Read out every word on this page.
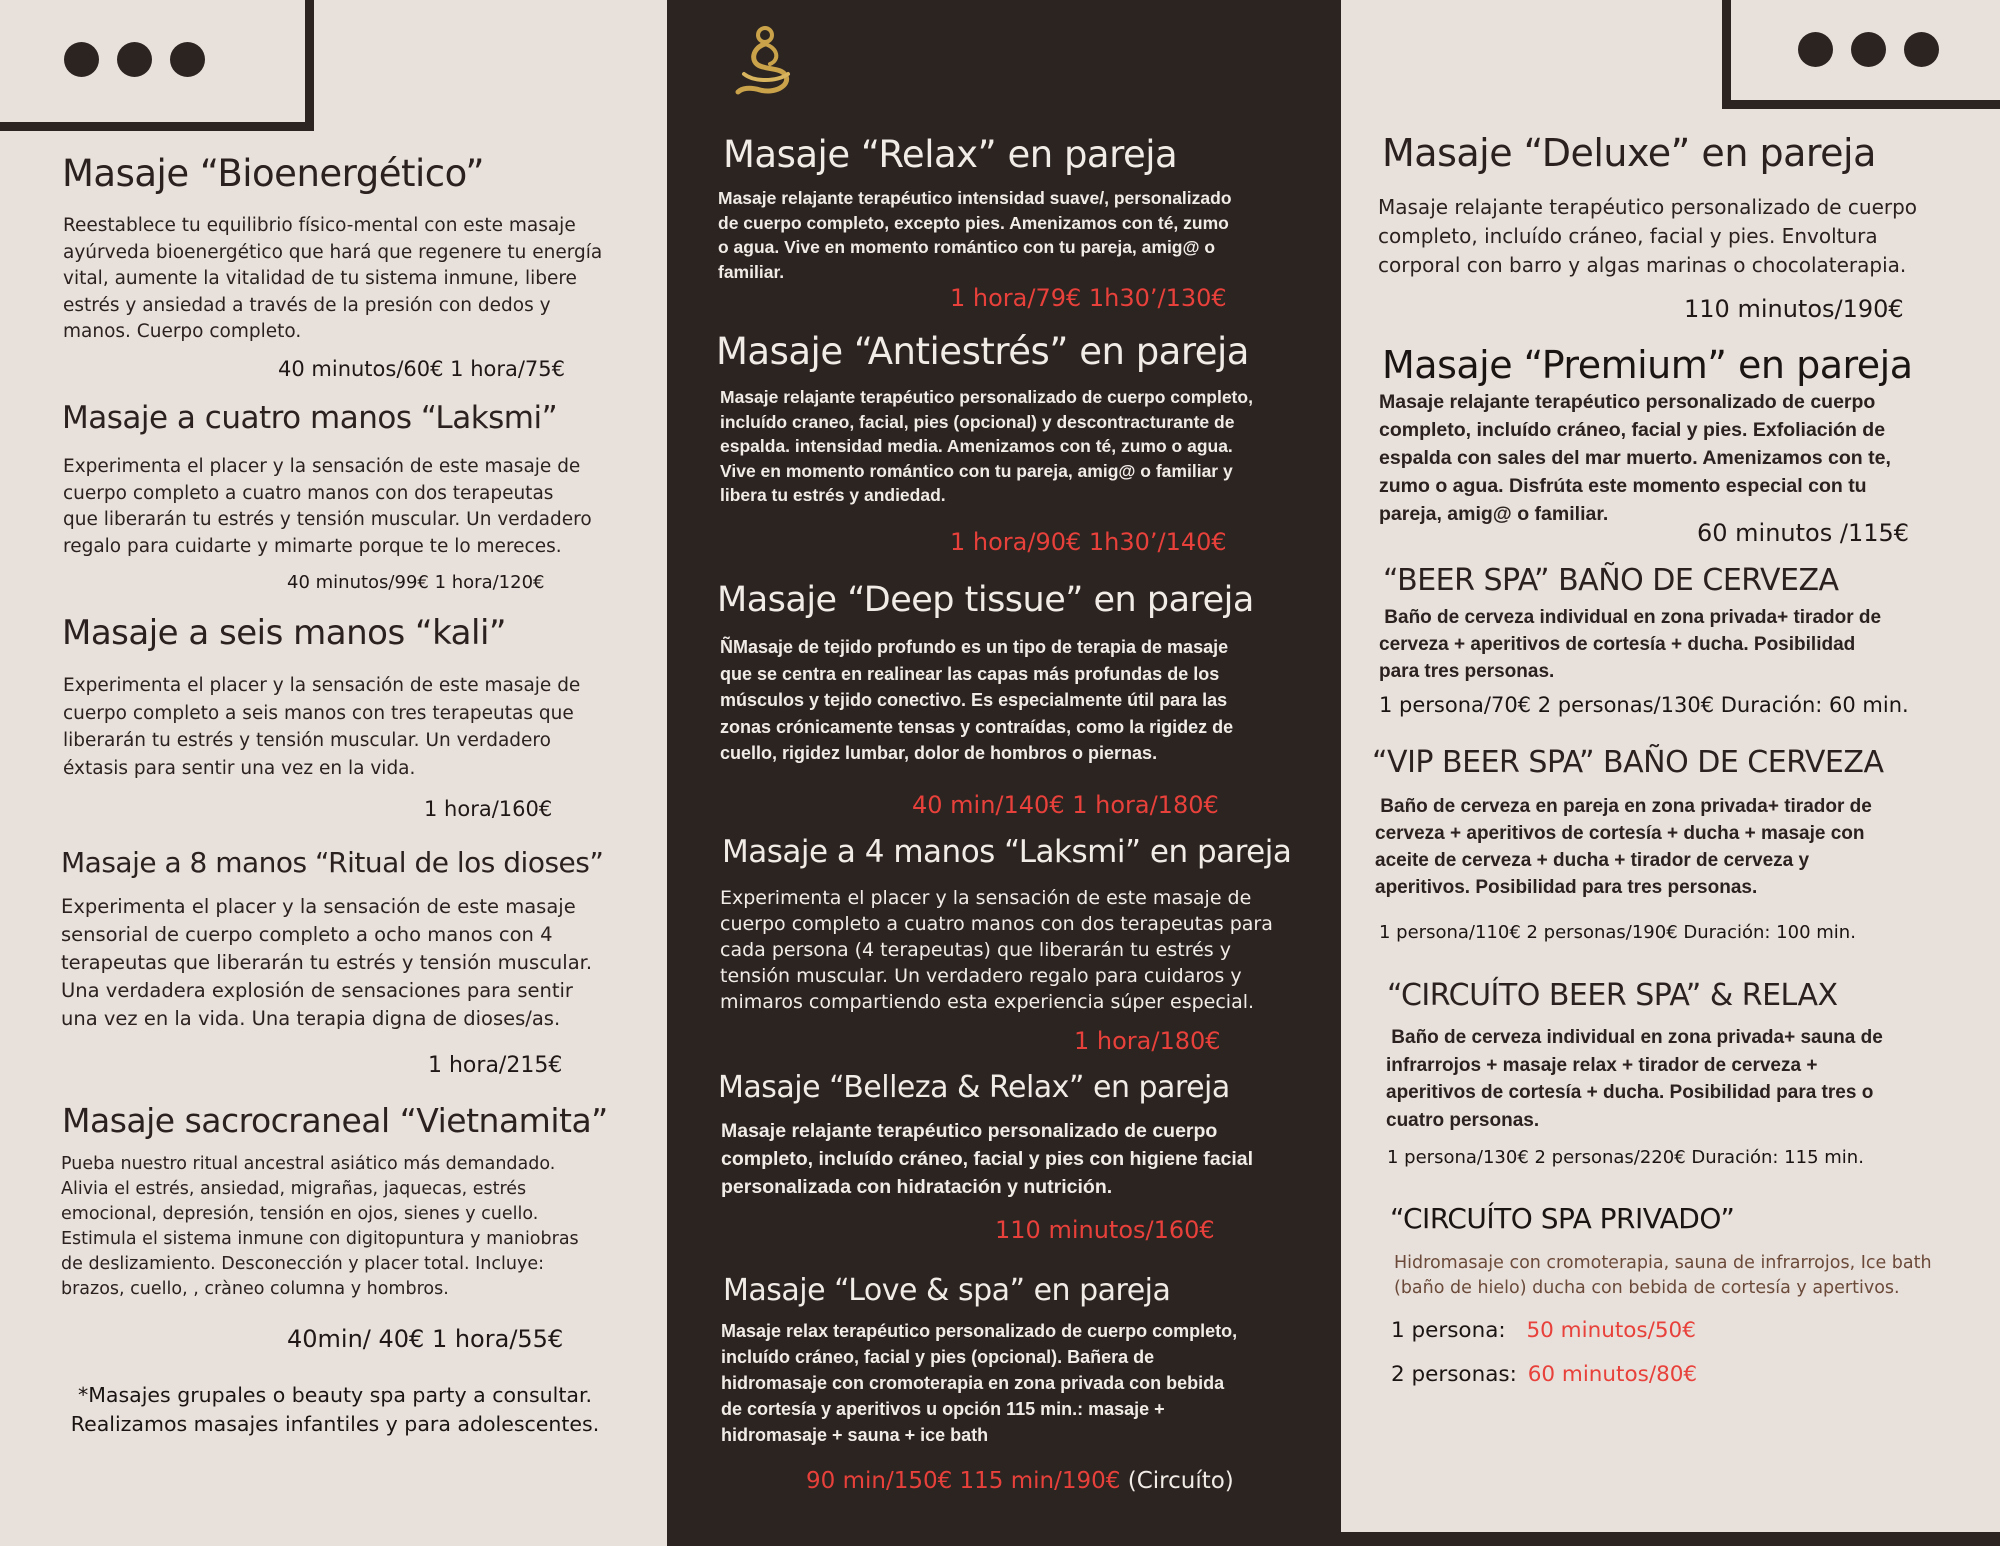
Masaje “Bioenergético”
Reestablece tu equilibrio físico-mental con este masaje
ayúrveda bioenergético que hará que regenere tu energía
vital, aumente la vitalidad de tu sistema inmune, libere
estrés y ansiedad a través de la presión con dedos y
manos. Cuerpo completo.
40 minutos/60€ 1 hora/75€
Masaje a cuatro manos “Laksmi”
Experimenta el placer y la sensación de este masaje de
cuerpo completo a cuatro manos con dos terapeutas
que liberarán tu estrés y tensión muscular. Un verdadero
regalo para cuidarte y mimarte porque te lo mereces.
40 minutos/99€ 1 hora/120€
Masaje a seis manos “kali”
Experimenta el placer y la sensación de este masaje de
cuerpo completo a seis manos con tres terapeutas que
liberarán tu estrés y tensión muscular. Un verdadero
éxtasis para sentir una vez en la vida.
1 hora/160€
Masaje a 8 manos “Ritual de los dioses”
Experimenta el placer y la sensación de este masaje
sensorial de cuerpo completo a ocho manos con 4
terapeutas que liberarán tu estrés y tensión muscular.
Una verdadera explosión de sensaciones para sentir
una vez en la vida. Una terapia digna de dioses/as.
1 hora/215€
Masaje sacrocraneal “Vietnamita”
Pueba nuestro ritual ancestral asiático más demandado.
Alivia el estrés, ansiedad, migrañas, jaquecas, estrés
emocional, depresión, tensión en ojos, sienes y cuello.
Estimula el sistema inmune con digitopuntura y maniobras
de deslizamiento. Desconección y placer total. Incluye:
brazos, cuello, , cràneo columna y hombros.
40min/ 40€ 1 hora/55€
*Masajes grupales o beauty spa party a consultar.
Realizamos masajes infantiles y para adolescentes.
Masaje “Relax” en pareja
Masaje relajante terapéutico intensidad suave/, personalizado
de cuerpo completo, excepto pies. Amenizamos con té, zumo
o agua. Vive en momento romántico con tu pareja, amig@ o
familiar.
1 hora/79€ 1h30’/130€
Masaje “Antiestrés” en pareja
Masaje relajante terapéutico personalizado de cuerpo completo,
incluído craneo, facial, pies (opcional) y descontracturante de
espalda. intensidad media. Amenizamos con té, zumo o agua.
Vive en momento romántico con tu pareja, amig@ o familiar y
libera tu estrés y andiedad.
1 hora/90€ 1h30’/140€
Masaje “Deep tissue” en pareja
ÑMasaje de tejido profundo es un tipo de terapia de masaje
que se centra en realinear las capas más profundas de los
músculos y tejido conectivo. Es especialmente útil para las
zonas crónicamente tensas y contraídas, como la rigidez de
cuello, rigidez lumbar, dolor de hombros o piernas.
40 min/140€ 1 hora/180€
Masaje a 4 manos “Laksmi” en pareja
Experimenta el placer y la sensación de este masaje de
cuerpo completo a cuatro manos con dos terapeutas para
cada persona (4 terapeutas) que liberarán tu estrés y
tensión muscular. Un verdadero regalo para cuidaros y
mimaros compartiendo esta experiencia súper especial.
1 hora/180€
Masaje “Belleza & Relax” en pareja
Masaje relajante terapéutico personalizado de cuerpo
completo, incluído cráneo, facial y pies con higiene facial
personalizada con hidratación y nutrición.
110 minutos/160€
Masaje “Love & spa” en pareja
Masaje relax terapéutico personalizado de cuerpo completo,
incluído cráneo, facial y pies (opcional). Bañera de
hidromasaje con cromoterapia en zona privada con bebida
de cortesía y aperitivos u opción 115 min.: masaje +
hidromasaje + sauna + ice bath
90 min/150€ 115 min/190€ (Circuíto)
Masaje “Deluxe” en pareja
Masaje relajante terapéutico personalizado de cuerpo
completo, incluído cráneo, facial y pies. Envoltura
corporal con barro y algas marinas o chocolaterapia.
110 minutos/190€
Masaje “Premium” en pareja
Masaje relajante terapéutico personalizado de cuerpo
completo, incluído cráneo, facial y pies. Exfoliación de
espalda con sales del mar muerto. Amenizamos con te,
zumo o agua. Disfrúta este momento especial con tu
pareja, amig@ o familiar.
60 minutos /115€
“BEER SPA” BAÑO DE CERVEZA
Baño de cerveza individual en zona privada+ tirador de
cerveza + aperitivos de cortesía + ducha. Posibilidad
para tres personas.
1 persona/70€ 2 personas/130€ Duración: 60 min.
“VIP BEER SPA” BAÑO DE CERVEZA
Baño de cerveza en pareja en zona privada+ tirador de
cerveza + aperitivos de cortesía + ducha + masaje con
aceite de cerveza + ducha + tirador de cerveza y
aperitivos. Posibilidad para tres personas.
1 persona/110€ 2 personas/190€ Duración: 100 min.
“CIRCUÍTO BEER SPA” & RELAX
Baño de cerveza individual en zona privada+ sauna de
infrarrojos + masaje relax + tirador de cerveza +
aperitivos de cortesía + ducha. Posibilidad para tres o
cuatro personas.
1 persona/130€ 2 personas/220€ Duración: 115 min.
“CIRCUÍTO SPA PRIVADO”
Hidromasaje con cromoterapia, sauna de infrarrojos, Ice bath
(baño de hielo) ducha con bebida de cortesía y apertivos.
1 persona: 50 minutos/50€
2 personas: 60 minutos/80€
